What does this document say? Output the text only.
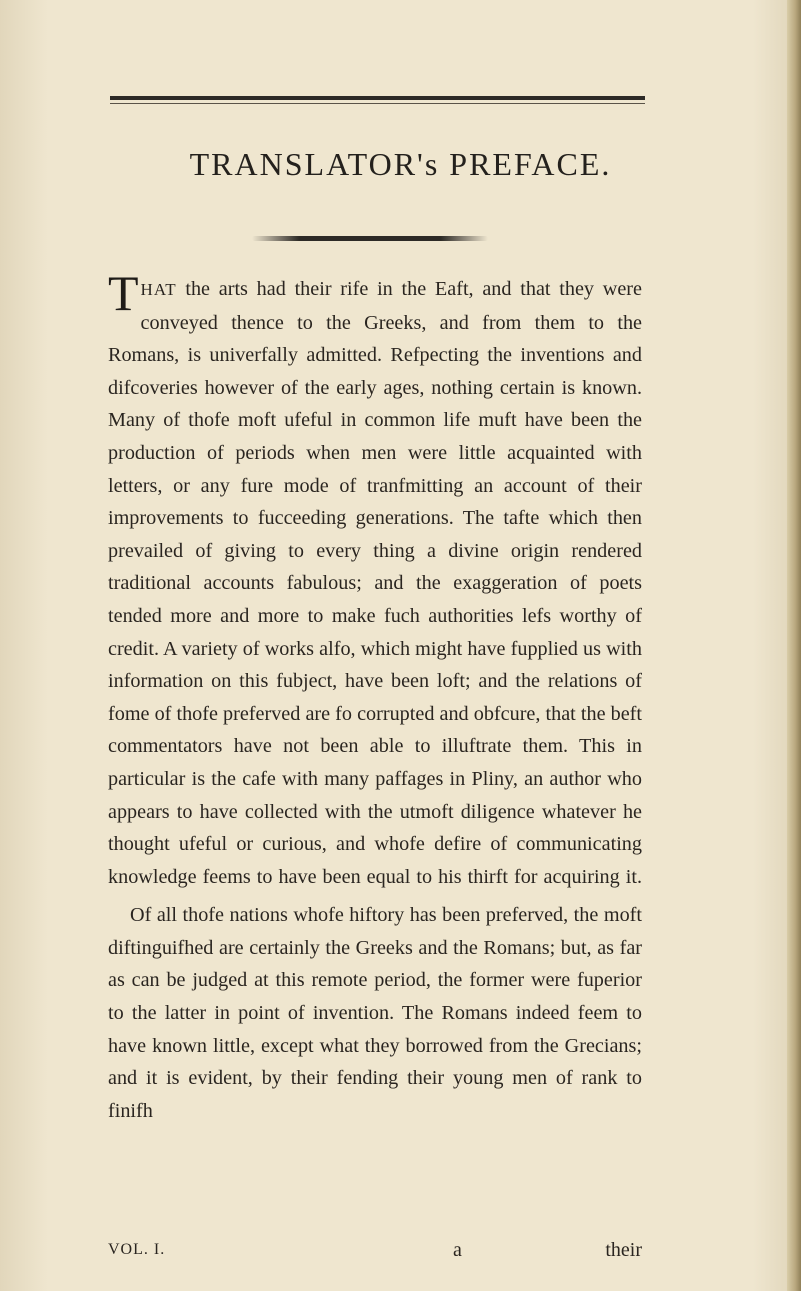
TRANSLATOR's PREFACE.

THAT the arts had their rife in the Eaft, and that they were conveyed thence to the Greeks, and from them to the Romans, is univerfally admitted. Refpecting the inventions and difcoveries however of the early ages, nothing certain is known. Many of thofe moft ufeful in common life muft have been the production of periods when men were little acquainted with letters, or any fure mode of tranfmitting an account of their improvements to fucceeding generations. The tafte which then prevailed of giving to every thing a divine origin rendered traditional accounts fabulous; and the exaggeration of poets tended more and more to make fuch authorities lefs worthy of credit. A variety of works alfo, which might have fupplied us with information on this fubject, have been loft; and the relations of fome of thofe preferved are fo corrupted and obfcure, that the beft commentators have not been able to illuftrate them. This in particular is the cafe with many paffages in Pliny, an author who appears to have collected with the utmoft diligence whatever he thought ufeful or curious, and whofe defire of communicating knowledge feems to have been equal to his thirft for acquiring it.

Of all thofe nations whofe hiftory has been preferved, the moft diftinguifhed are certainly the Greeks and the Romans; but, as far as can be judged at this remote period, the former were fuperior to the latter in point of invention. The Romans indeed feem to have known little, except what they borrowed from the Grecians; and it is evident, by their fending their young men of rank to finifh

VOL. I.	a	their
